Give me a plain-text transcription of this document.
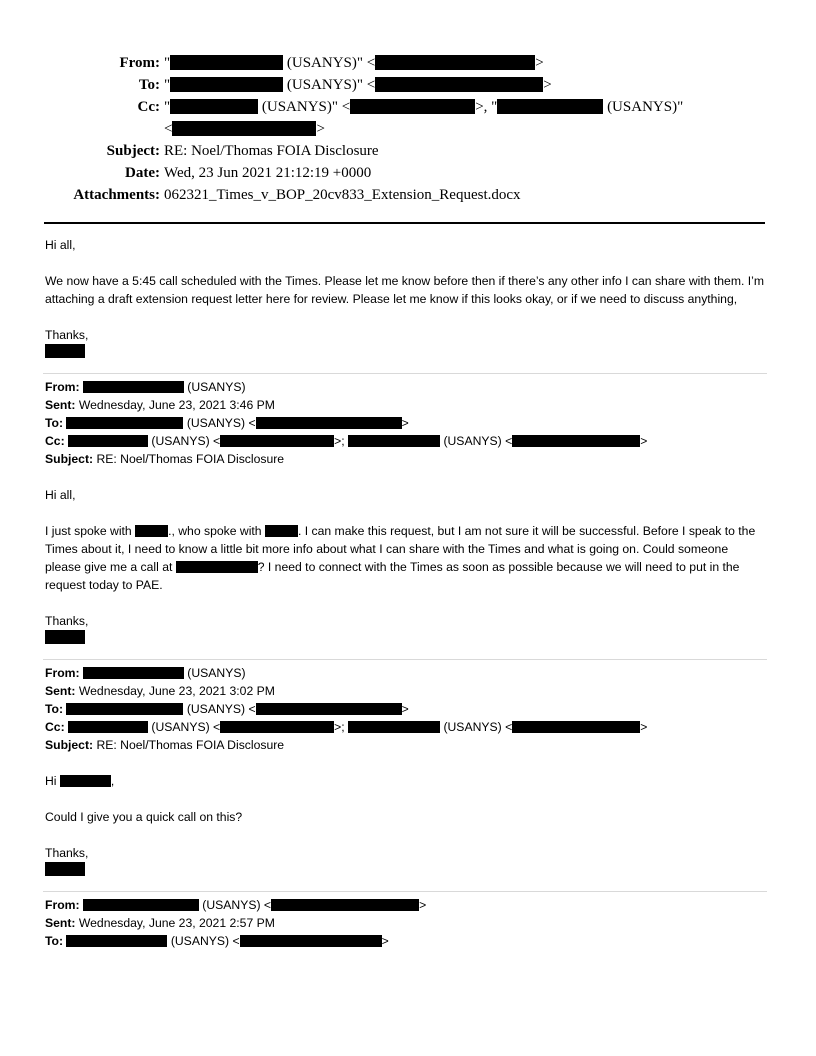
From: "	(USANYS)" <	>
To: "	(USANYS)" <	>
Cc: "	(USANYS)" <	>, "	(USANYS)"
<	>
Subject: RE: Noel/Thomas FOIA Disclosure
Date: Wed, 23 Jun 2021 21:12:19 +0000
Attachments: 062321_Times_v_BOP_20cv833_Extension_Request.docx

Hi all,

We now have a 5:45 call scheduled with the Times. Please let me know before then if there’s any other info I can share with them. I’m attaching a draft extension request letter here for review. Please let me know if this looks okay, or if we need to discuss anything,

Thanks,

From:	(USANYS)
Sent: Wednesday, June 23, 2021 3:46 PM
To:	(USANYS) <	>
Cc:	(USANYS) <	>;	(USANYS) <	>
Subject: RE: Noel/Thomas FOIA Disclosure

Hi all,

I just spoke with	., who spoke with	. I can make this request, but I am not sure it will be successful. Before I speak to the Times about it, I need to know a little bit more info about what I can share with the Times and what is going on. Could someone please give me a call at	? I need to connect with the Times as soon as possible because we will need to put in the request today to PAE.

Thanks,

From:	(USANYS)
Sent: Wednesday, June 23, 2021 3:02 PM
To:	(USANYS) <	>
Cc:	(USANYS) <	>;	(USANYS) <	>
Subject: RE: Noel/Thomas FOIA Disclosure

Hi	,

Could I give you a quick call on this?

Thanks,

From:	(USANYS) <	>
Sent: Wednesday, June 23, 2021 2:57 PM
To:	(USANYS) <	>
